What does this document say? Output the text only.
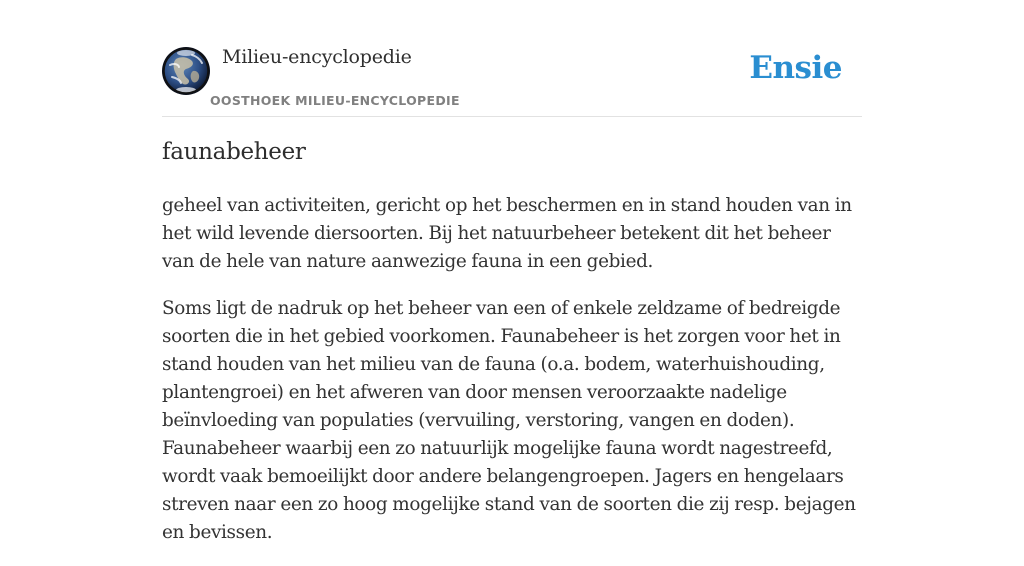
Milieu-encyclopedie
OOSTHOEK MILIEU-ENCYCLOPEDIE
Ensie
faunabeheer

geheel van activiteiten, gericht op het beschermen en in stand houden van in het wild levende diersoorten. Bij het natuurbeheer betekent dit het beheer van de hele van nature aanwezige fauna in een gebied.

Soms ligt de nadruk op het beheer van een of enkele zeldzame of bedreigde soorten die in het gebied voorkomen. Faunabeheer is het zorgen voor het in stand houden van het milieu van de fauna (o.a. bodem, waterhuishouding, plantengroei) en het afweren van door mensen veroorzaakte nadelige beïnvloeding van populaties (vervuiling, verstoring, vangen en doden). Faunabeheer waarbij een zo natuurlijk mogelijke fauna wordt nagestreefd, wordt vaak bemoeilijkt door andere belangengroepen. Jagers en hengelaars streven naar een zo hoog mogelijke stand van de soorten die zij resp. bejagen en bevissen.
